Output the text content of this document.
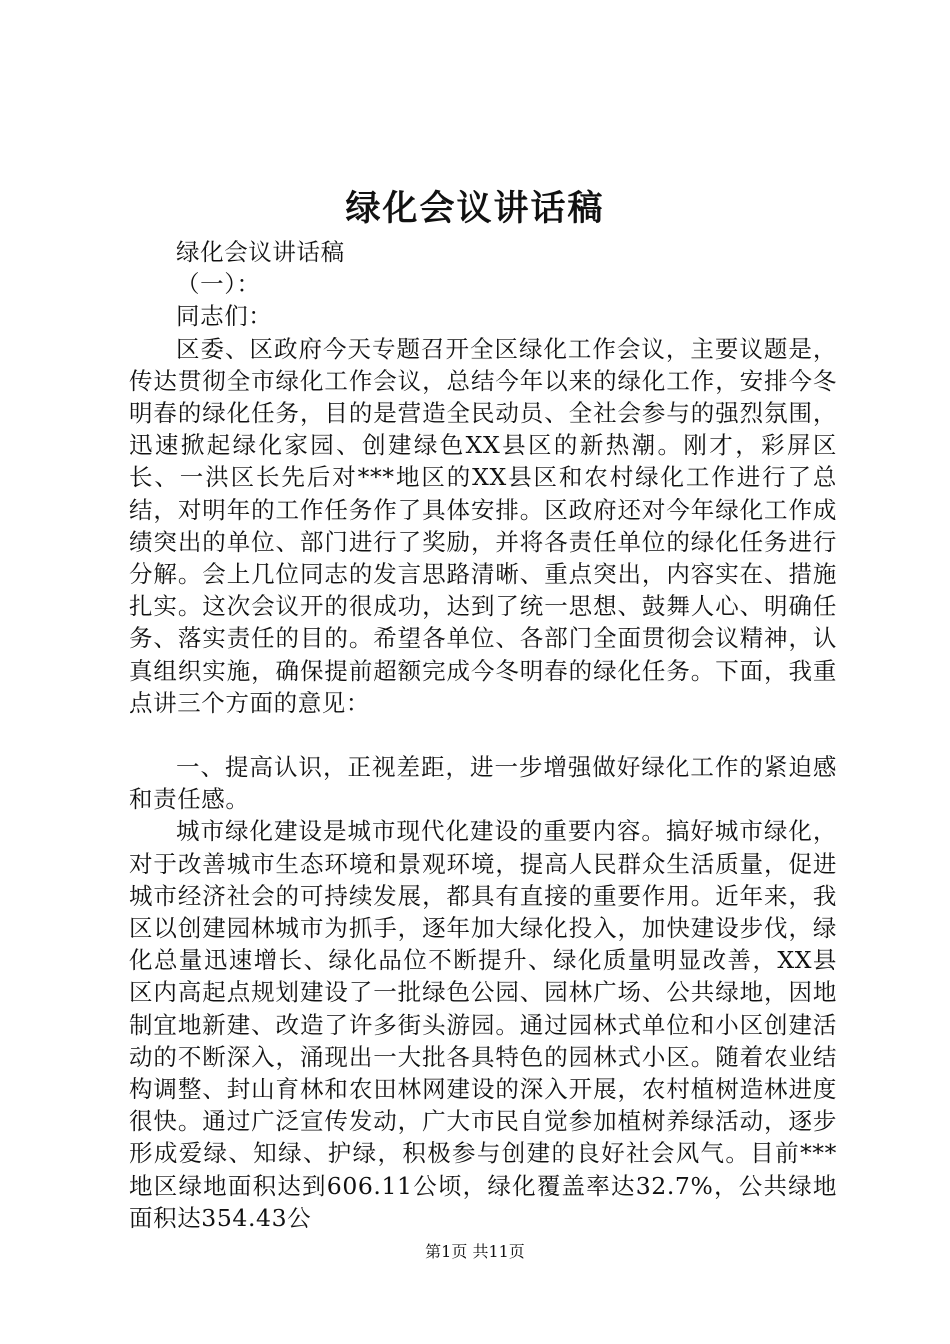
绿化会议讲话稿

绿化会议讲话稿

（一）：

同志们：

区委、区政府今天专题召开全区绿化工作会议，主要议题是，传达贯彻全市绿化工作会议，总结今年以来的绿化工作，安排今冬明春的绿化任务，目的是营造全民动员、全社会参与的强烈氛围，迅速掀起绿化家园、创建绿色XX县区的新热潮。刚才，彩屏区长、一洪区长先后对***地区的XX县区和农村绿化工作进行了总结，对明年的工作任务作了具体安排。区政府还对今年绿化工作成绩突出的单位、部门进行了奖励，并将各责任单位的绿化任务进行分解。会上几位同志的发言思路清晰、重点突出，内容实在、措施扎实。这次会议开的很成功，达到了统一思想、鼓舞人心、明确任务、落实责任的目的。希望各单位、各部门全面贯彻会议精神，认真组织实施，确保提前超额完成今冬明春的绿化任务。下面，我重点讲三个方面的意见：

一、提高认识，正视差距，进一步增强做好绿化工作的紧迫感和责任感。

城市绿化建设是城市现代化建设的重要内容。搞好城市绿化，对于改善城市生态环境和景观环境，提高人民群众生活质量，促进城市经济社会的可持续发展，都具有直接的重要作用。近年来，我区以创建园林城市为抓手，逐年加大绿化投入，加快建设步伐，绿化总量迅速增长、绿化品位不断提升、绿化质量明显改善，XX县区内高起点规划建设了一批绿色公园、园林广场、公共绿地，因地制宜地新建、改造了许多街头游园。通过园林式单位和小区创建活动的不断深入，涌现出一大批各具特色的园林式小区。随着农业结构调整、封山育林和农田林网建设的深入开展，农村植树造林进度很快。通过广泛宣传发动，广大市民自觉参加植树养绿活动，逐步形成爱绿、知绿、护绿，积极参与创建的良好社会风气。目前***地区绿地面积达到606.11公顷，绿化覆盖率达32.7%，公共绿地面积达354.43公

第1页 共11页
